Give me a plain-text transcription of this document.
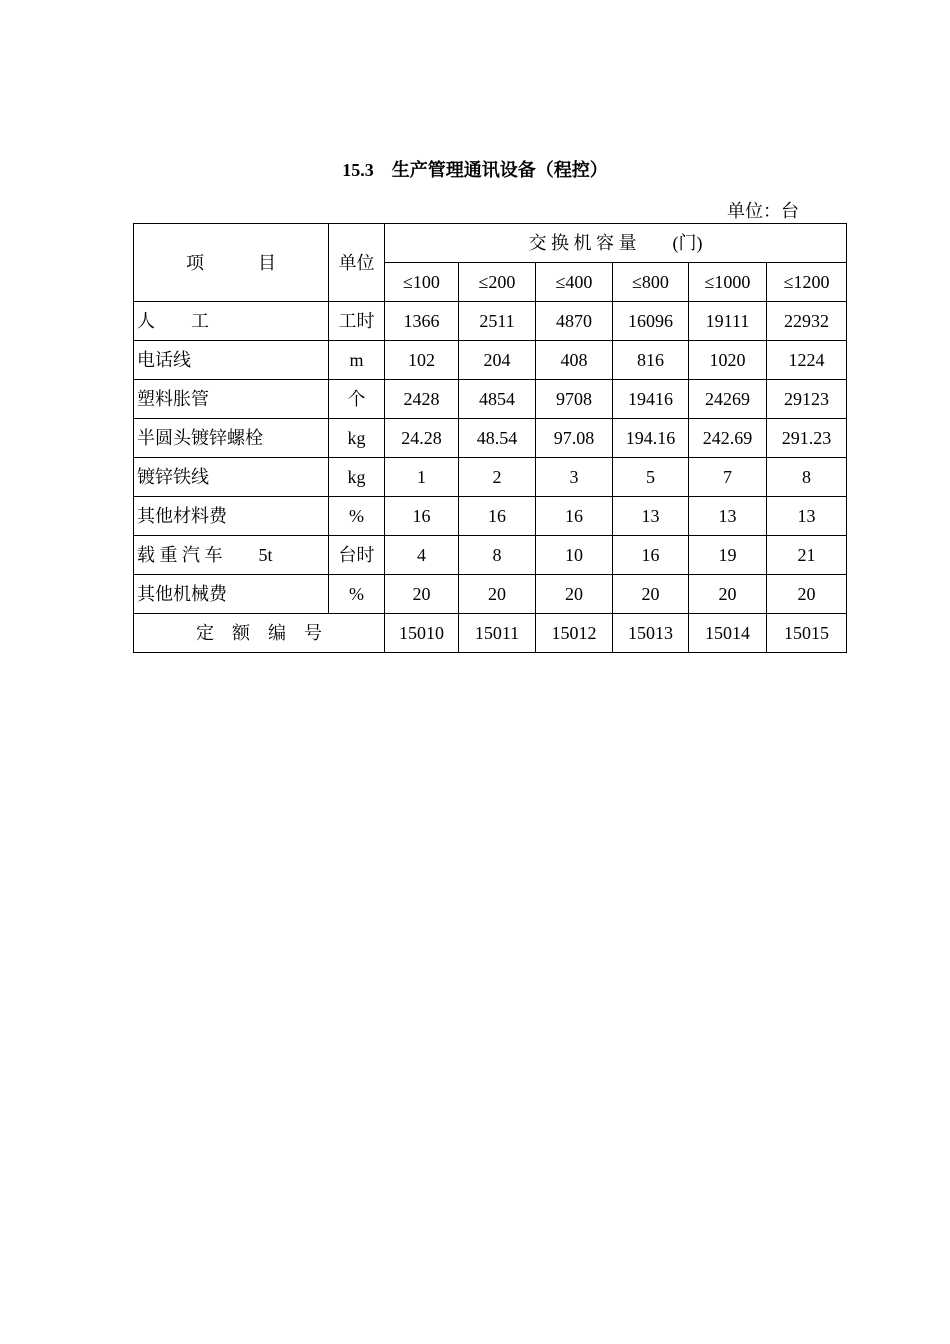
15.3　生产管理通讯设备（程控）
单位：台
项　　　目	单位	交 换 机 容 量　　(门)					
		≤100	≤200	≤400	≤800	≤1000	≤1200
人　　工	工时	1366	2511	4870	16096	19111	22932
电话线	m	102	204	408	816	1020	1224
塑料胀管	个	2428	4854	9708	19416	24269	29123
半圆头镀锌螺栓	kg	24.28	48.54	97.08	194.16	242.69	291.23
镀锌铁线	kg	1	2	3	5	7	8
其他材料费	%	16	16	16	13	13	13
载 重 汽 车　　5t	台时	4	8	10	16	19	21
其他机械费	%	20	20	20	20	20	20
定　额　编　号		15010	15011	15012	15013	15014	15015
